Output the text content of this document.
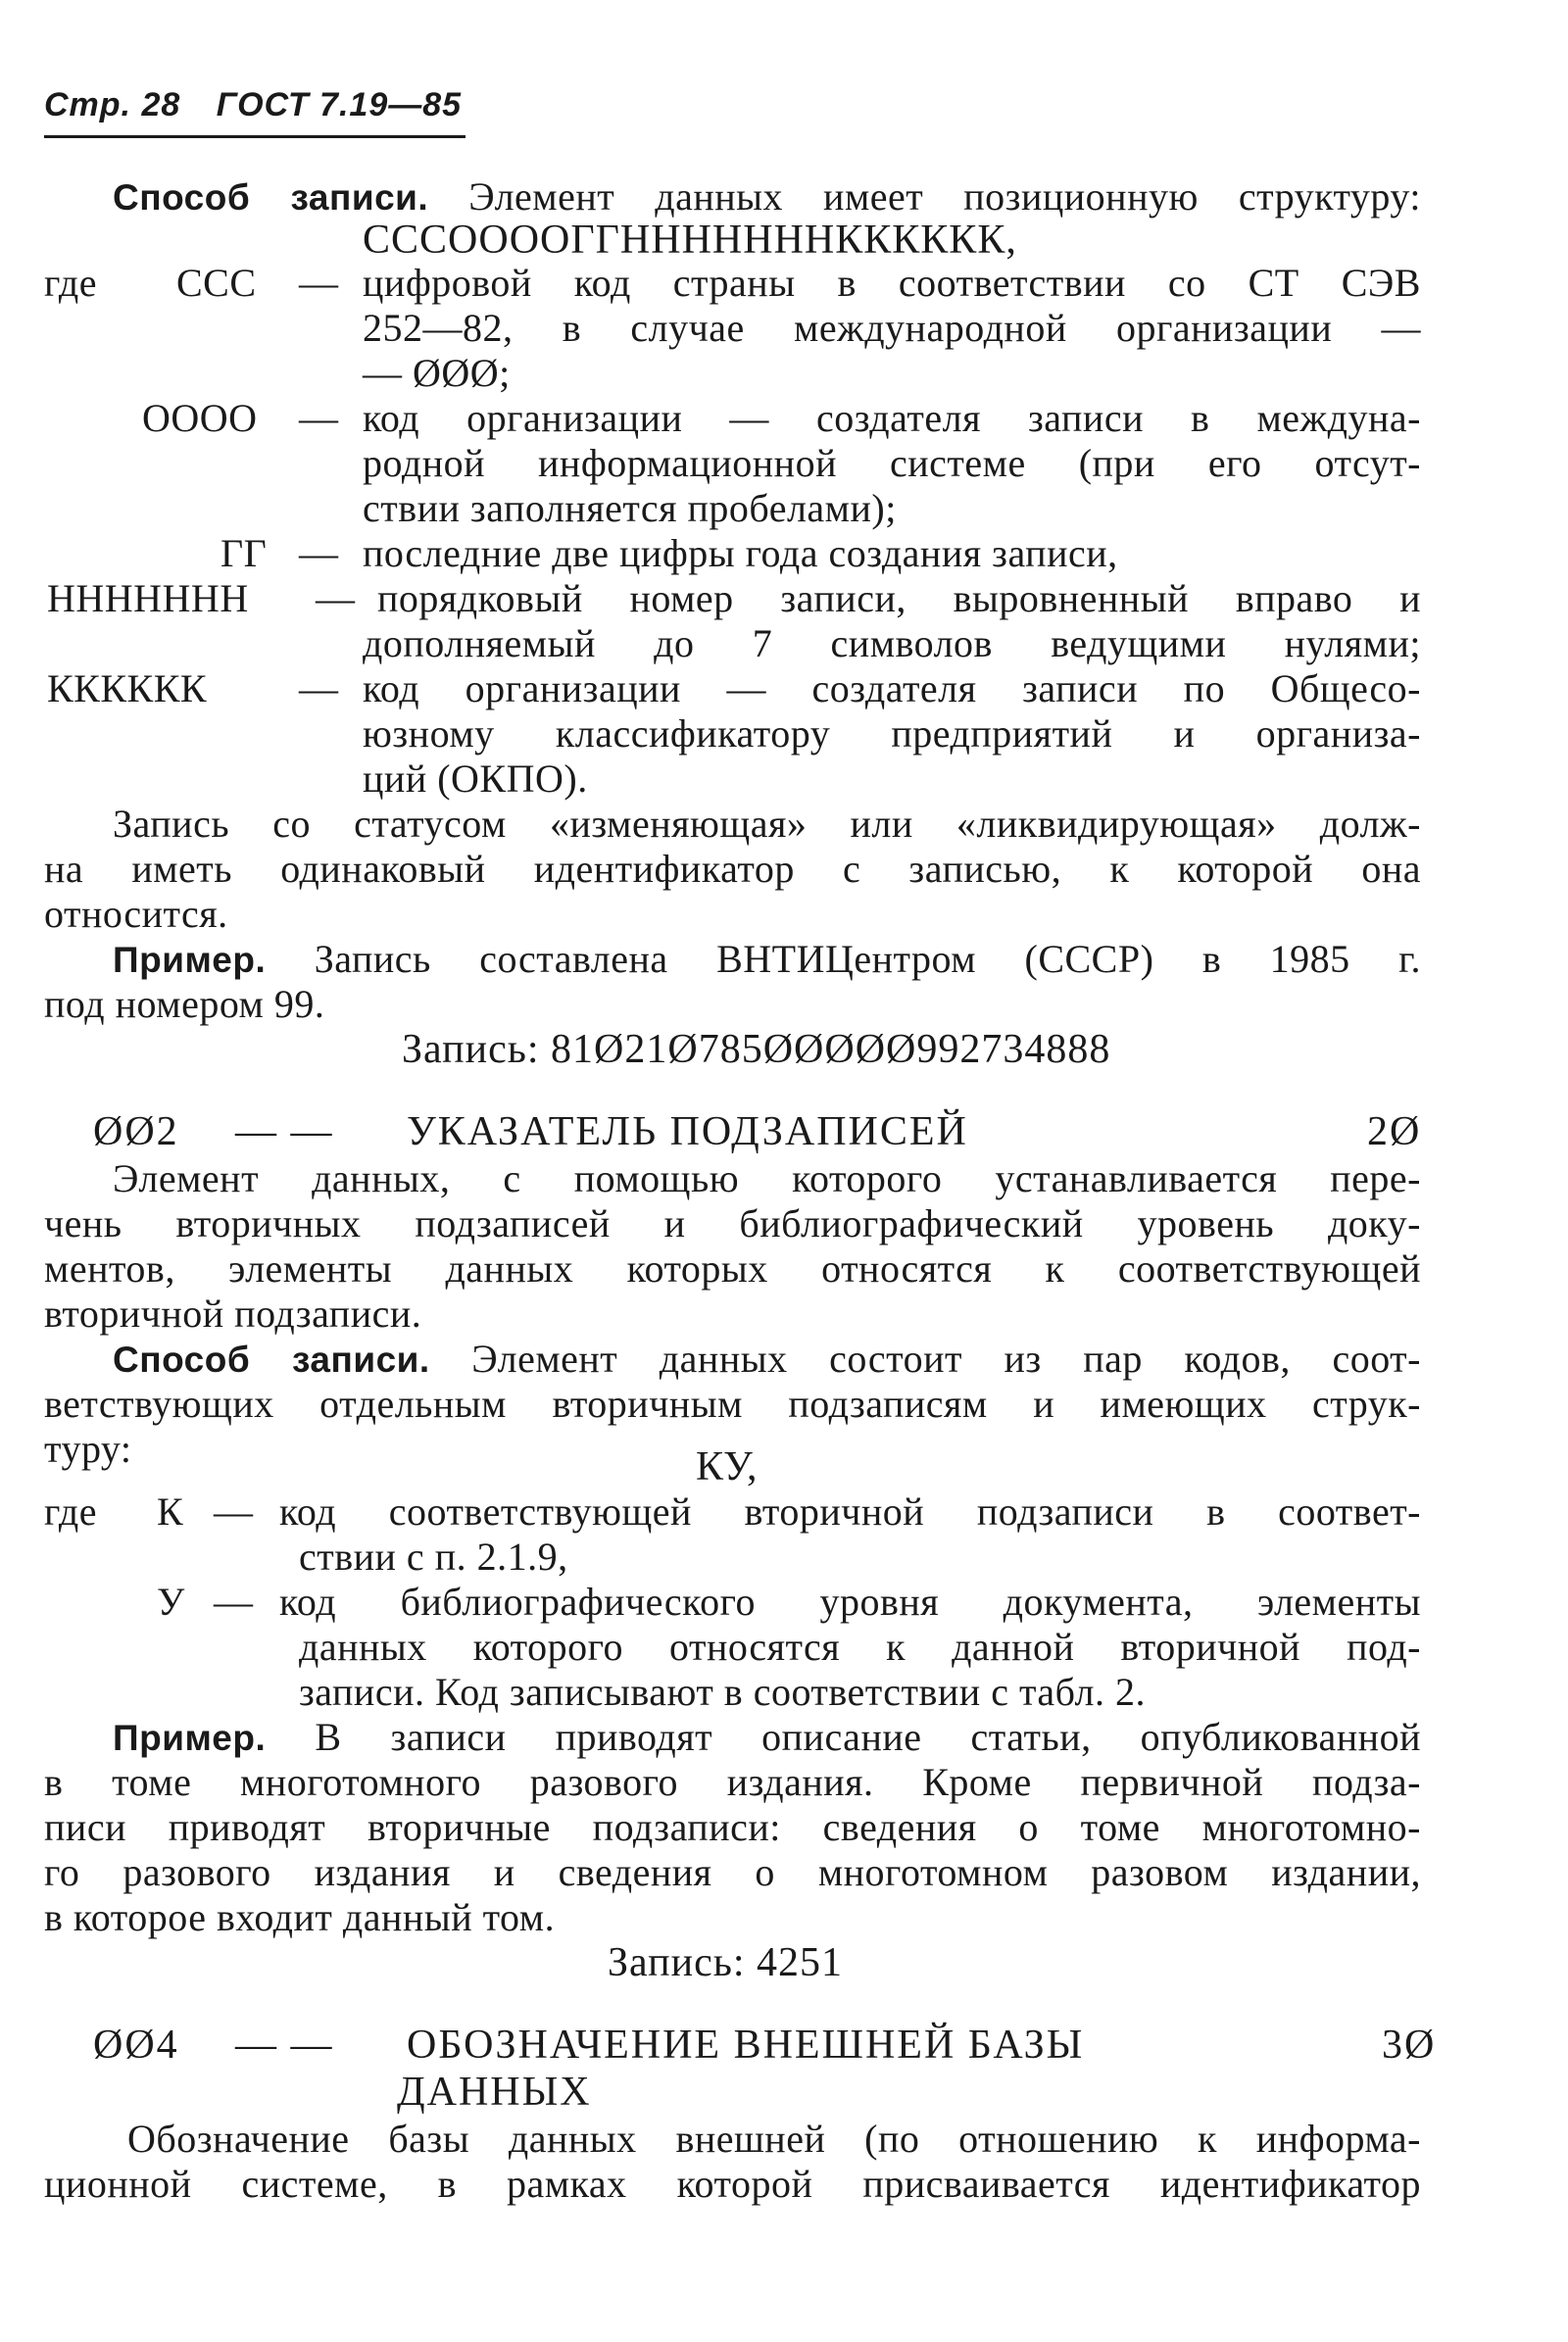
Стр. 28 ГОСТ 7.19—85
Способ записи. Элемент данных имеет позиционную структуру:
СССООООГГНННННННКККККК,
где ССС — цифровой код страны в соответствии со СТ СЭВ
252—82, в случае международной организации —
— ØØØ;
ОООО — код организации — создателя записи в междуна-
родной информационной системе (при его отсут-
ствии заполняется пробелами);
ГГ — последние две цифры года создания записи,
ННННННН — порядковый номер записи, выровненный вправо и
дополняемый до 7 символов ведущими нулями;
КККККК — код организации — создателя записи по Общесо-
юзному классификатору предприятий и организа-
ций (ОКПО).
Запись со статусом «изменяющая» или «ликвидирующая» долж-
на иметь одинаковый идентификатор с записью, к которой она
относится.
Пример. Запись составлена ВНТИЦентром (СССР) в 1985 г.
под номером 99.
Запись: 81Ø21Ø785ØØØØØ992734888
ØØ2 — — УКАЗАТЕЛЬ ПОДЗАПИСЕЙ	2Ø
Элемент данных, с помощью которого устанавливается пере-
чень вторичных подзаписей и библиографический уровень доку-
ментов, элементы данных которых относятся к соответствующей
вторичной подзаписи.
Способ записи. Элемент данных состоит из пар кодов, соот-
ветствующих отдельным вторичным подзаписям и имеющих струк-
туру:	КУ,
где К — код соответствующей вторичной подзаписи в соответ-
ствии с п. 2.1.9,
У — код библиографического уровня документа, элементы
данных которого относятся к данной вторичной под-
записи. Код записывают в соответствии с табл. 2.
Пример. В записи приводят описание статьи, опубликованной
в томе многотомного разового издания. Кроме первичной подза-
писи приводят вторичные подзаписи: сведения о томе многотомно-
го разового издания и сведения о многотомном разовом издании,
в которое входит данный том.
Запись: 4251
ØØ4 — — ОБОЗНАЧЕНИЕ ВНЕШНЕЙ БАЗЫ	3Ø
ДАННЫХ
Обозначение базы данных внешней (по отношению к информа-
ционной системе, в рамках которой присваивается идентификатор
